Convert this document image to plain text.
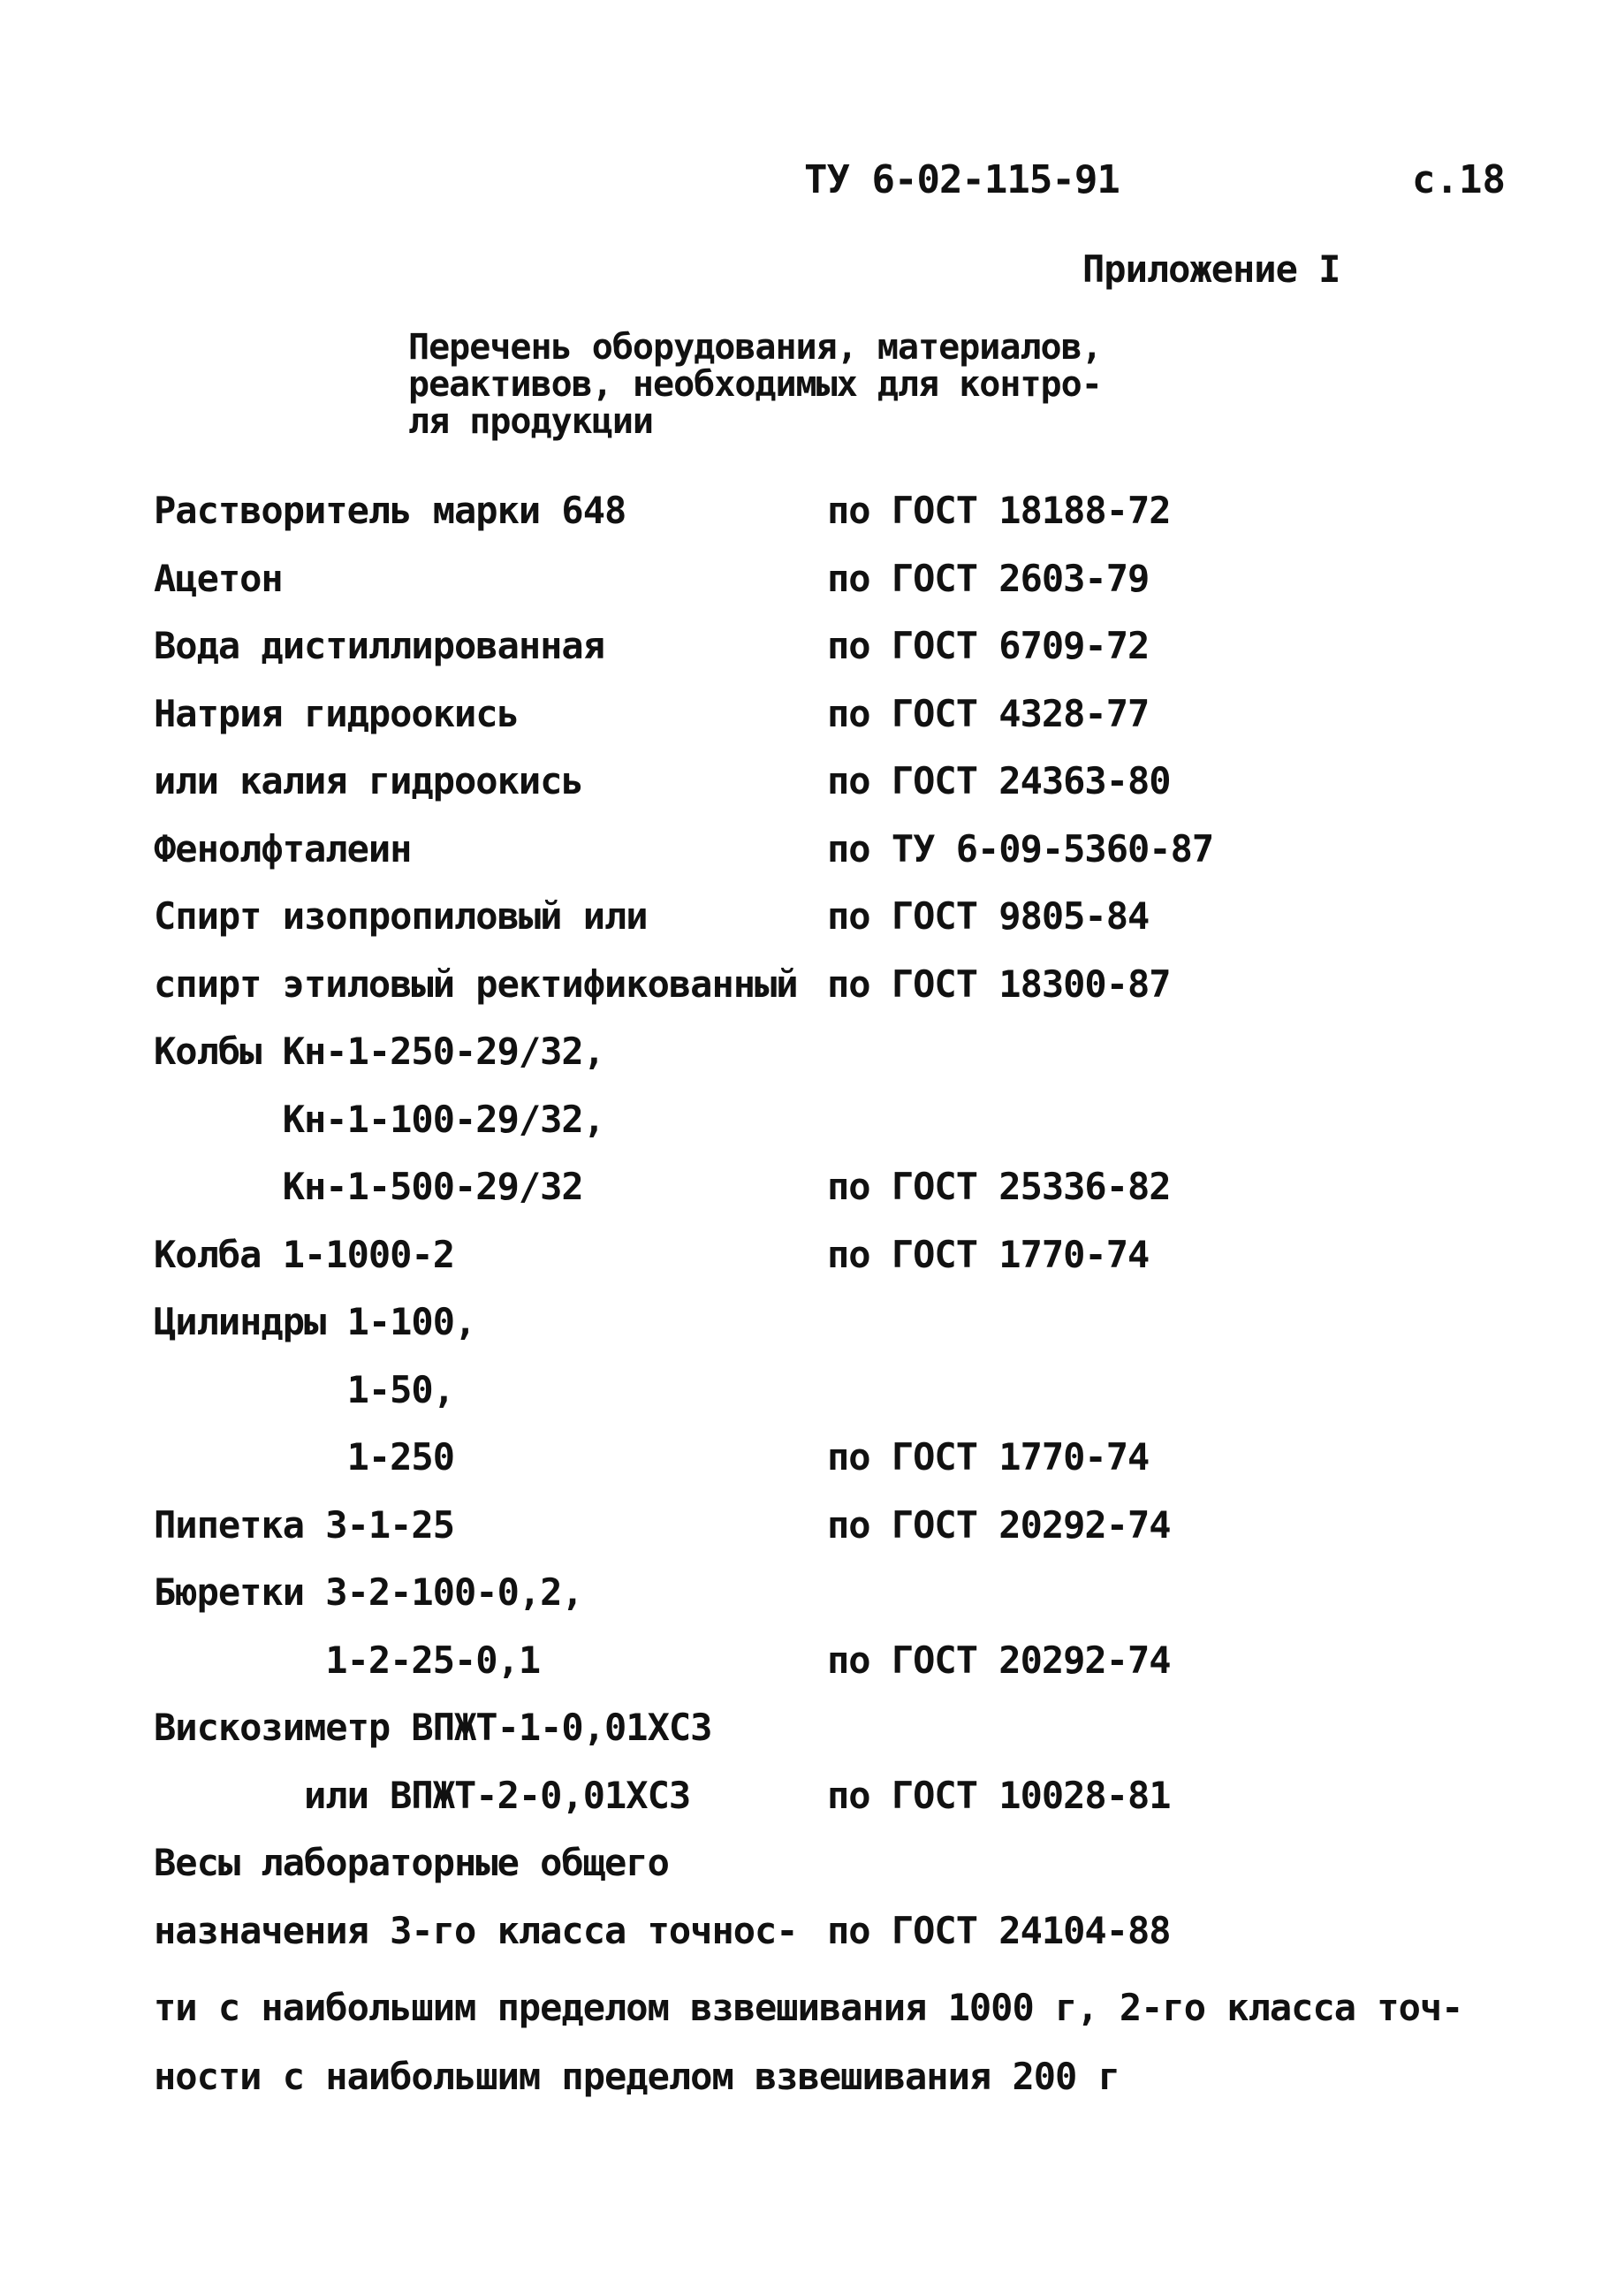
ТУ 6-02-115-91	с.18
Приложение I
Перечень оборудования, материалов,
реактивов, необходимых для контро-
ля продукции
Растворитель марки 648	по ГОСТ 18188-72
Ацетон	по ГОСТ 2603-79
Вода дистиллированная	по ГОСТ 6709-72
Натрия гидроокись	по ГОСТ 4328-77
или калия гидроокись	по ГОСТ 24363-80
Фенолфталеин	по ТУ 6-09-5360-87
Спирт изопропиловый или	по ГОСТ 9805-84
спирт этиловый ректификованный по ГОСТ 18300-87
Колбы Кн-1-250-29/32,
Кн-1-100-29/32,
Кн-1-500-29/32	по ГОСТ 25336-82
Колба 1-1000-2	по ГОСТ 1770-74
Цилиндры 1-100,
1-50,
1-250	по ГОСТ 1770-74
Пипетка 3-1-25	по ГОСТ 20292-74
Бюретки 3-2-100-0,2,
1-2-25-0,1	по ГОСТ 20292-74
Вискозиметр ВПЖТ-1-0,01ХС3
или ВПЖТ-2-0,01ХС3	по ГОСТ 10028-81
Весы лабораторные общего
назначения 3-го класса точнос- по ГОСТ 24104-88
ти с наибольшим пределом взвешивания 1000 г, 2-го класса точ-
ности с наибольшим пределом взвешивания 200 г
